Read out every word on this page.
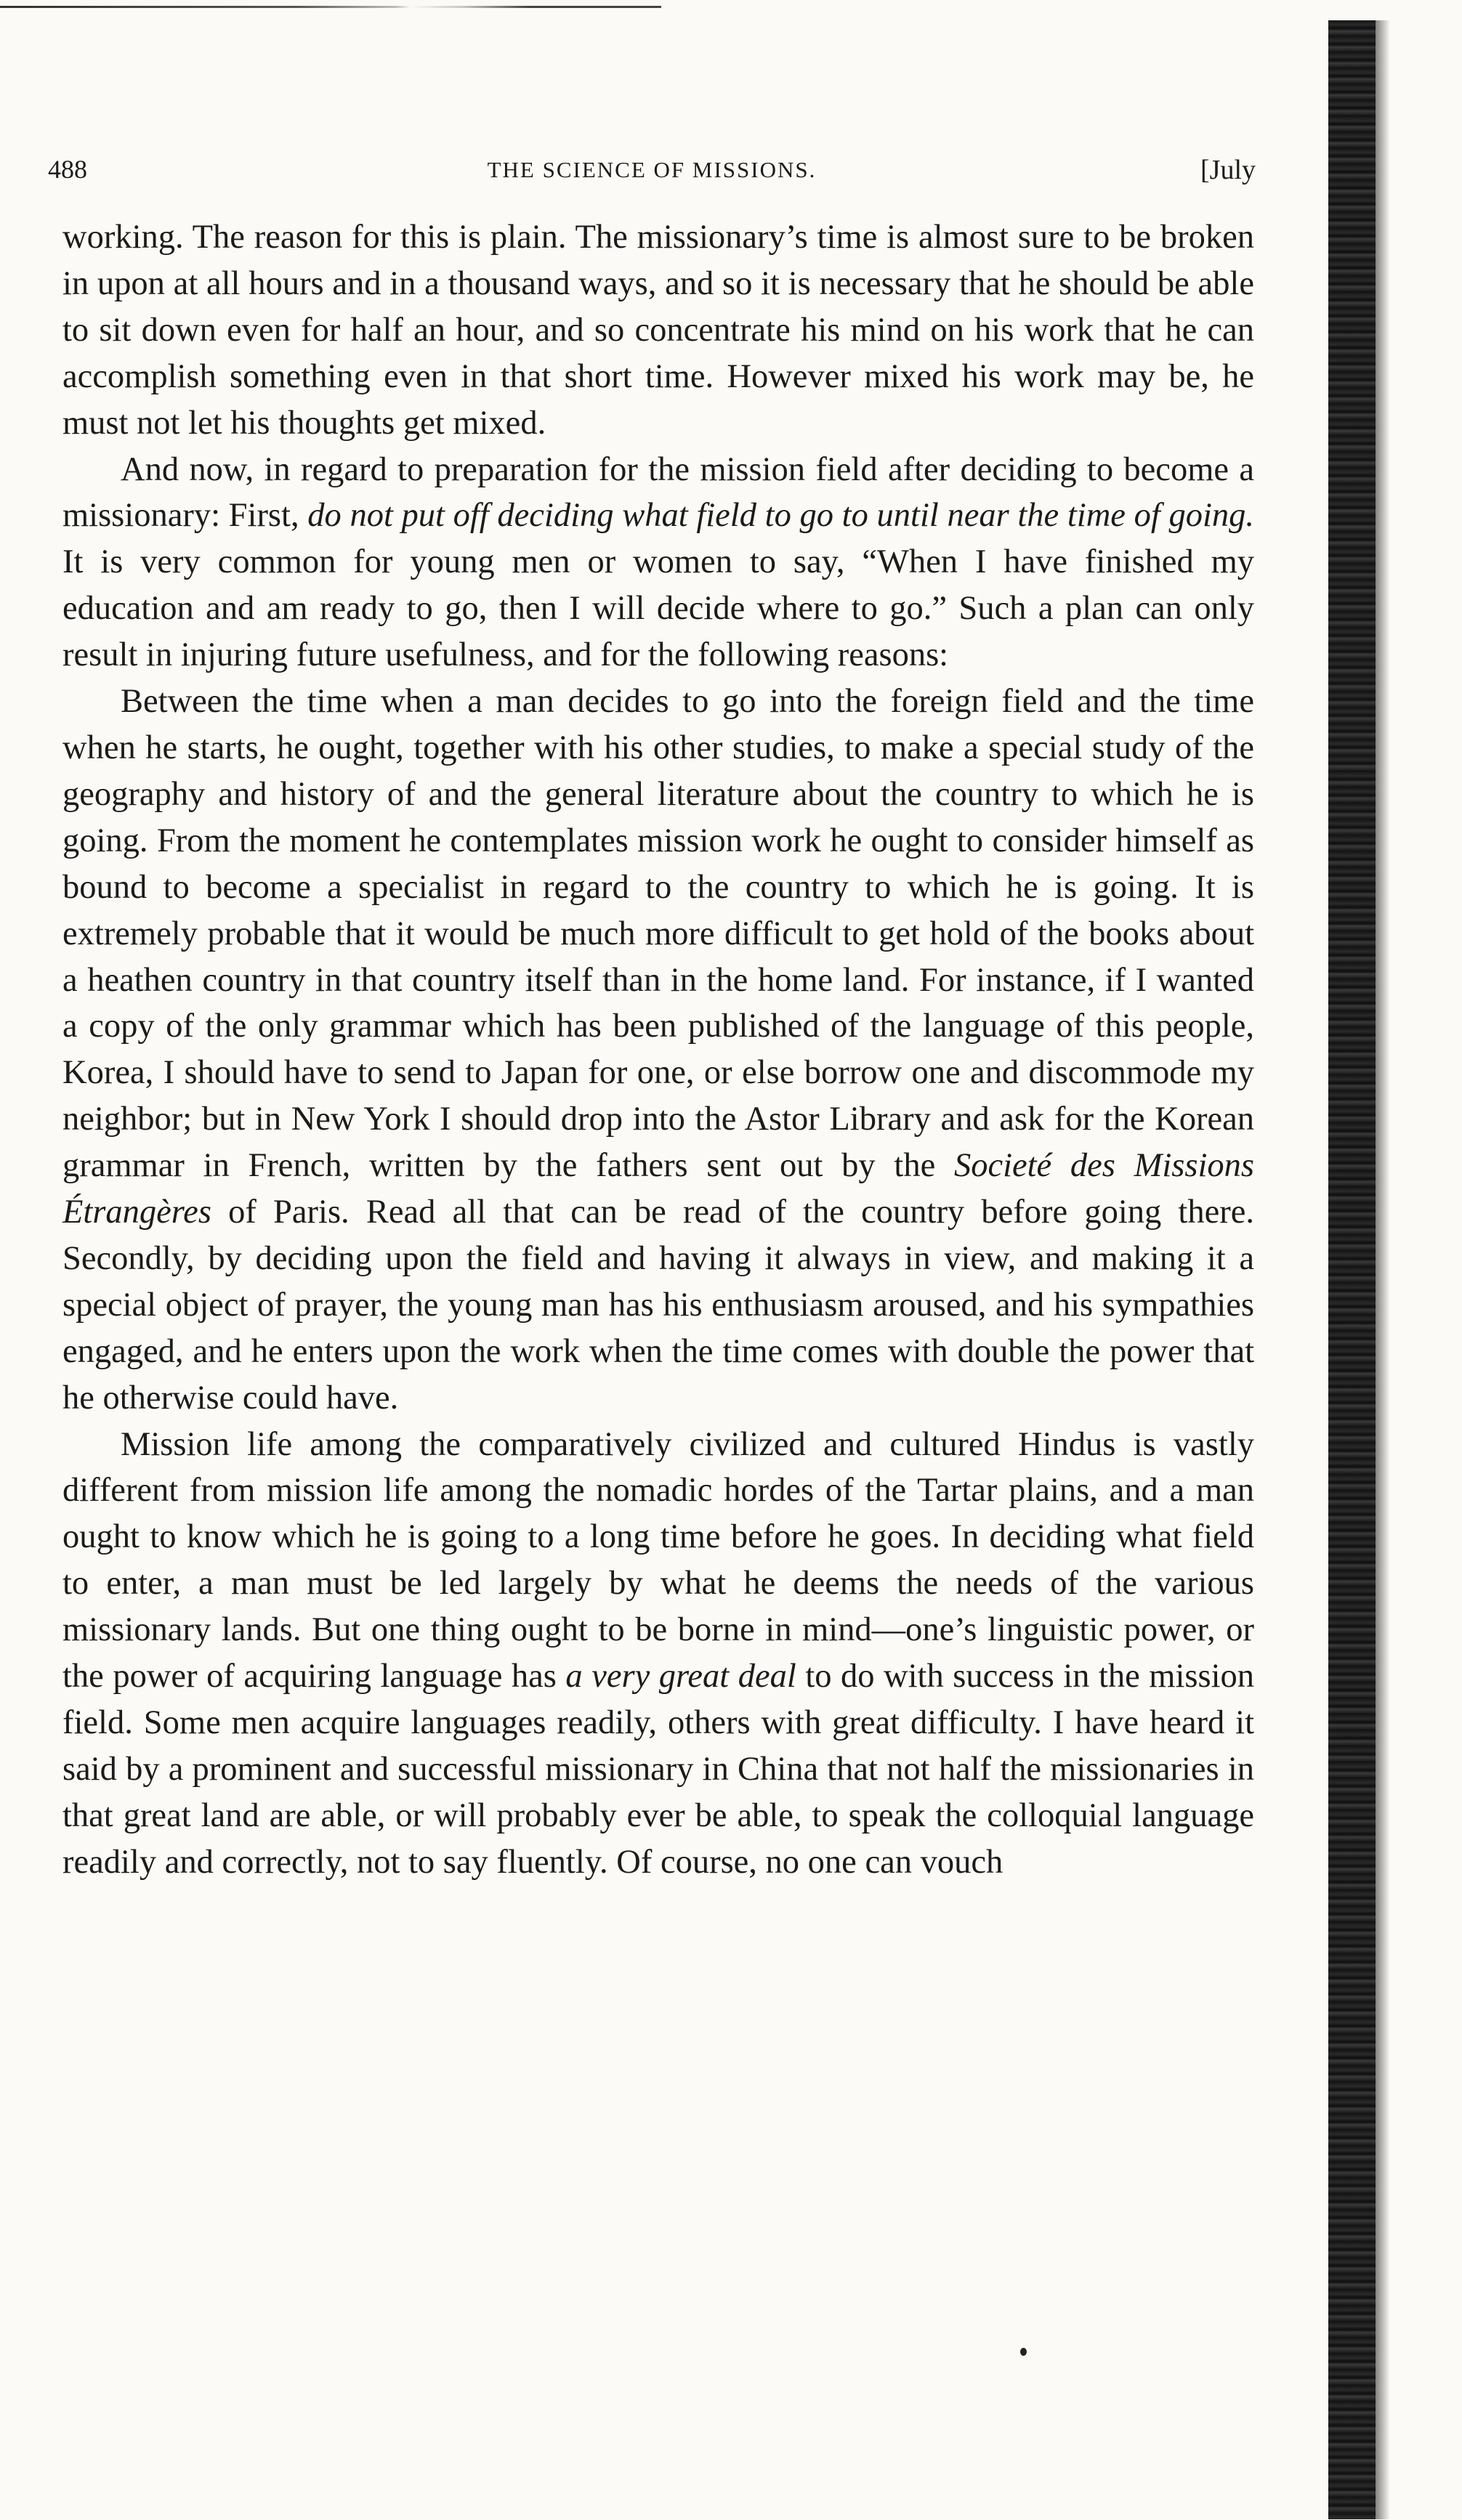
488	THE SCIENCE OF MISSIONS.	[July

working. The reason for this is plain. The missionary’s time is almost sure to be broken in upon at all hours and in a thousand ways, and so it is necessary that he should be able to sit down even for half an hour, and so concentrate his mind on his work that he can accomplish something even in that short time. However mixed his work may be, he must not let his thoughts get mixed.

And now, in regard to preparation for the mission field after deciding to become a missionary: First, do not put off deciding what field to go to until near the time of going. It is very common for young men or women to say, “When I have finished my education and am ready to go, then I will decide where to go.” Such a plan can only result in injuring future usefulness, and for the following reasons:

Between the time when a man decides to go into the foreign field and the time when he starts, he ought, together with his other studies, to make a special study of the geography and history of and the general literature about the country to which he is going. From the moment he contemplates mission work he ought to consider himself as bound to become a specialist in regard to the country to which he is going. It is extremely probable that it would be much more difficult to get hold of the books about a heathen country in that country itself than in the home land. For instance, if I wanted a copy of the only grammar which has been published of the language of this people, Korea, I should have to send to Japan for one, or else borrow one and discommode my neighbor; but in New York I should drop into the Astor Library and ask for the Korean grammar in French, written by the fathers sent out by the Societé des Missions Étrangères of Paris. Read all that can be read of the country before going there. Secondly, by deciding upon the field and having it always in view, and making it a special object of prayer, the young man has his enthusiasm aroused, and his sympathies engaged, and he enters upon the work when the time comes with double the power that he otherwise could have.

Mission life among the comparatively civilized and cultured Hindus is vastly different from mission life among the nomadic hordes of the Tartar plains, and a man ought to know which he is going to a long time before he goes. In deciding what field to enter, a man must be led largely by what he deems the needs of the various missionary lands. But one thing ought to be borne in mind—one’s linguistic power, or the power of acquiring language has a very great deal to do with success in the mission field. Some men acquire languages readily, others with great difficulty. I have heard it said by a prominent and successful missionary in China that not half the missionaries in that great land are able, or will probably ever be able, to speak the colloquial language readily and correctly, not to say fluently. Of course, no one can vouch
